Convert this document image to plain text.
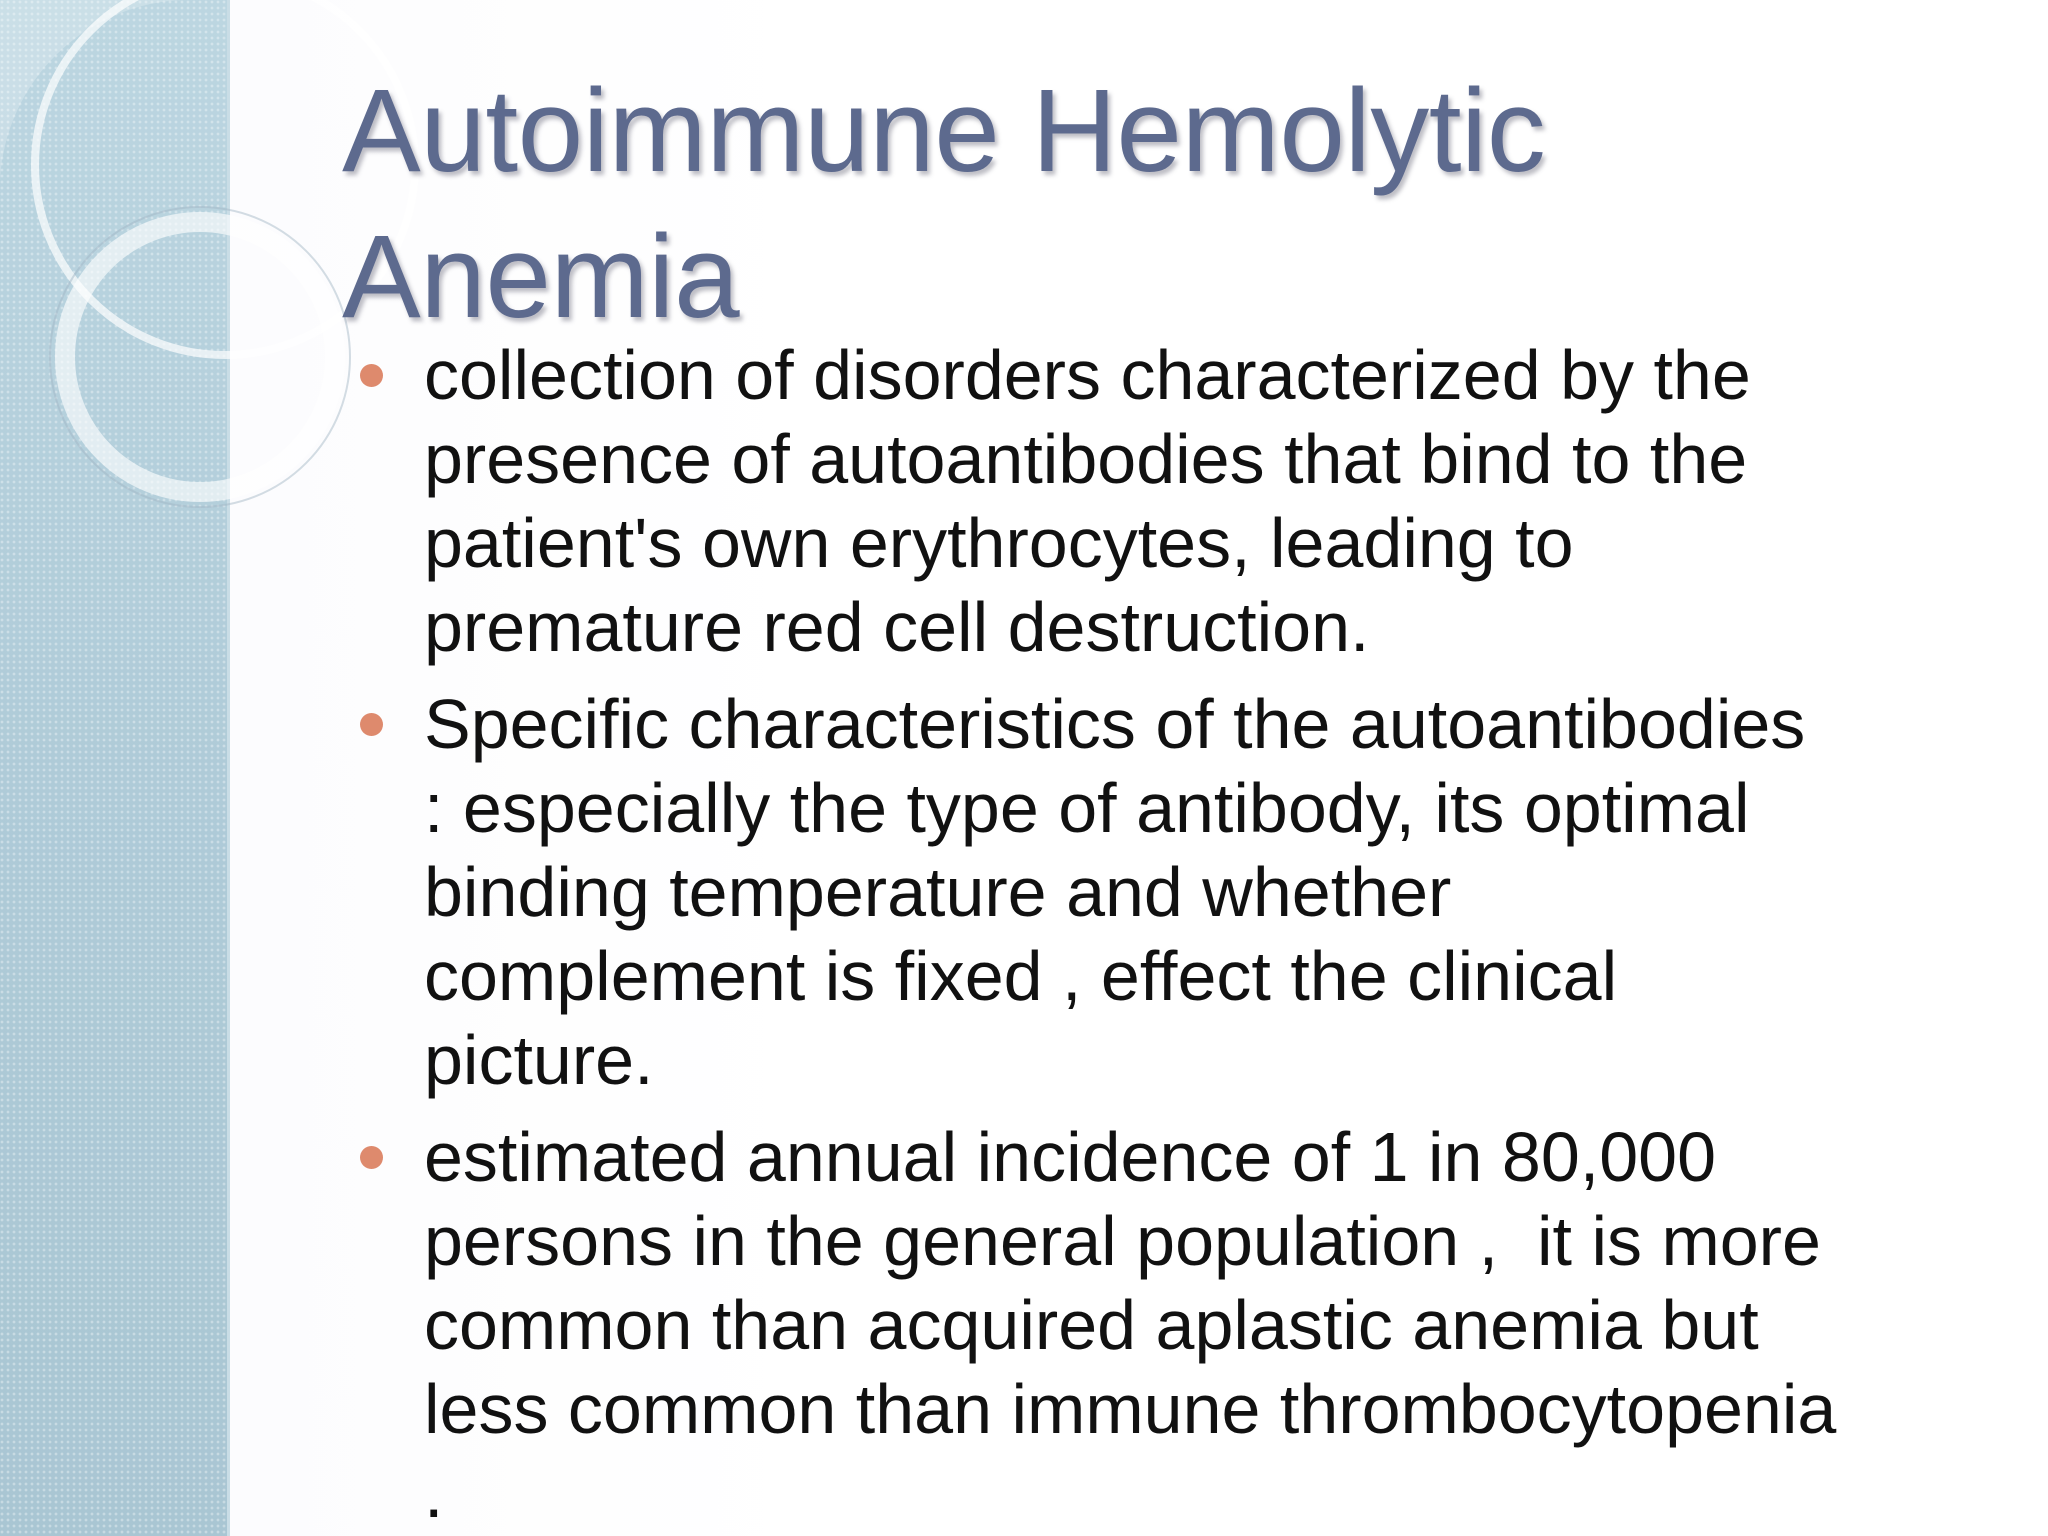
Autoimmune Hemolytic
Anemia
collection of disorders characterized by the
presence of autoantibodies that bind to the
patient's own erythrocytes, leading to
premature red cell destruction.
Specific characteristics of the autoantibodies
: especially the type of antibody, its optimal
binding temperature and whether
complement is fixed , effect the clinical
picture.
estimated annual incidence of 1 in 80,000
persons in the general population ,  it is more
common than acquired aplastic anemia but
less common than immune thrombocytopenia
.
